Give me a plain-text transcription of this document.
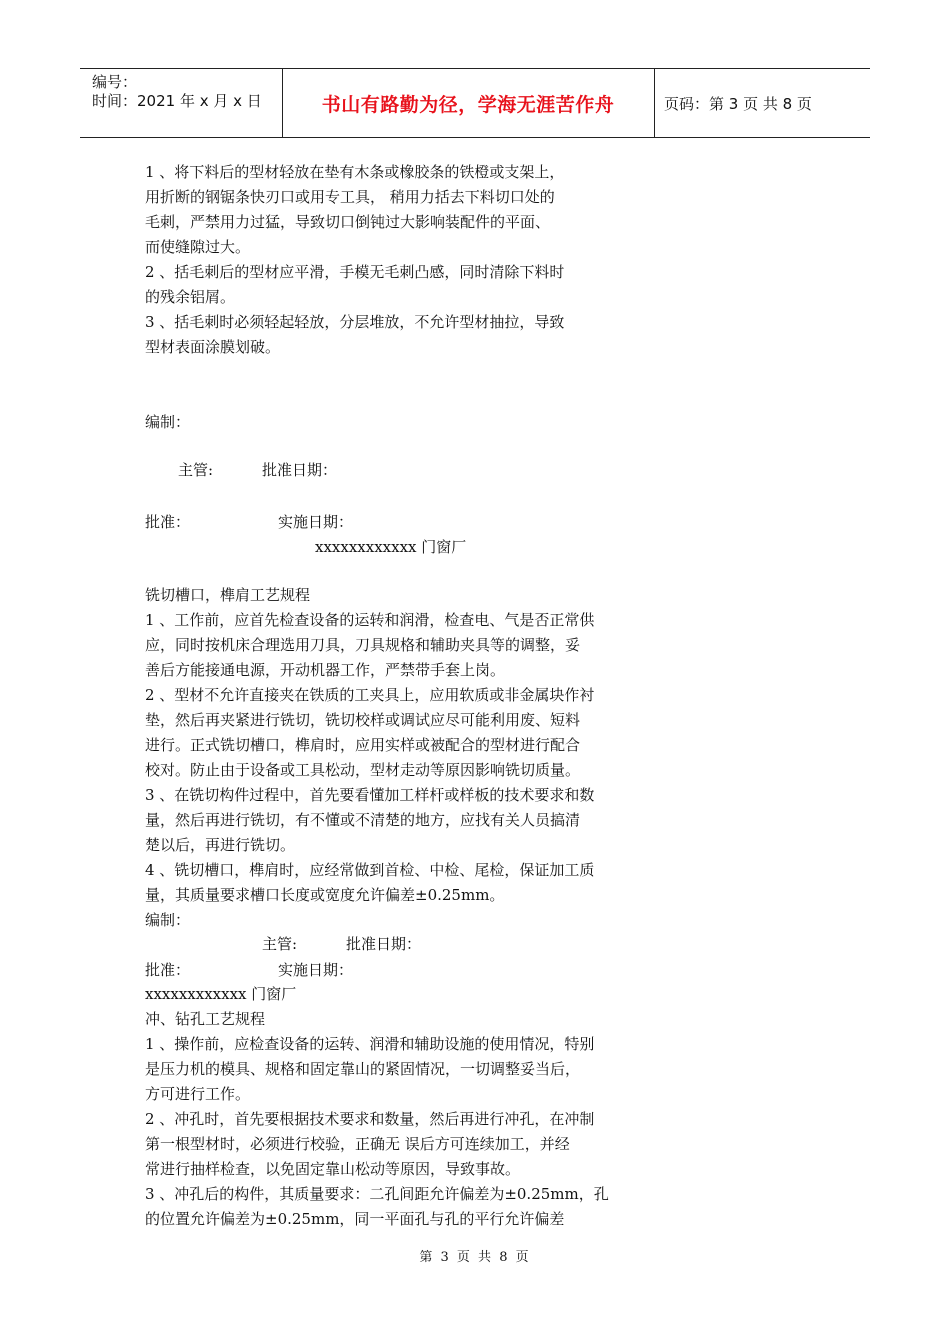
编号：
时间：2021 年 x 月 x 日	书山有路勤为径，学海无涯苦作舟	页码：第 3 页 共 8 页
1 、将下料后的型材轻放在垫有木条或橡胶条的铁橙或支架上，
用折断的钢锯条快刃口或用专工具， 稍用力括去下料切口处的
毛刺，严禁用力过猛，导致切口倒钝过大影响装配件的平面、
而使缝隙过大。
2 、括毛刺后的型材应平滑，手模无毛刺凸感，同时清除下料时
的残余铝屑。
3 、括毛刺时必须轻起轻放，分层堆放，不允许型材抽拉，导致
型材表面涂膜划破。
编制：
主管:	批准日期：
批准：	实施日期：
xxxxxxxxxxxx 门窗厂
铣切槽口，榫肩工艺规程
1 、工作前，应首先检查设备的运转和润滑，检查电、气是否正常供
应，同时按机床合理选用刀具，刀具规格和辅助夹具等的调整，妥
善后方能接通电源，开动机器工作，严禁带手套上岗。
2 、型材不允许直接夹在铁质的工夹具上，应用软质或非金属块作衬
垫，然后再夹紧进行铣切，铣切校样或调试应尽可能利用废、短料
进行。正式铣切槽口，榫肩时，应用实样或被配合的型材进行配合
校对。防止由于设备或工具松动，型材走动等原因影响铣切质量。
3 、在铣切构件过程中，首先要看懂加工样杆或样板的技术要求和数
量，然后再进行铣切，有不懂或不清楚的地方，应找有关人员搞清
楚以后，再进行铣切。
4 、铣切槽口，榫肩时，应经常做到首检、中检、尾检，保证加工质
量，其质量要求槽口长度或宽度允许偏差±0.25mm。
编制：
主管:	批准日期：
批准：	实施日期：
xxxxxxxxxxxx 门窗厂
冲、钻孔工艺规程
1 、操作前，应检查设备的运转、润滑和辅助设施的使用情况，特别
是压力机的模具、规格和固定靠山的紧固情况，一切调整妥当后，
方可进行工作。
2 、冲孔时，首先要根据技术要求和数量，然后再进行冲孔，在冲制
第一根型材时，必须进行校验，正确无 误后方可连续加工，并经
常进行抽样检查，以免固定靠山松动等原因，导致事故。
3 、冲孔后的构件，其质量要求：二孔间距允许偏差为±0.25mm，孔
的位置允许偏差为±0.25mm，同一平面孔与孔的平行允许偏差
第 3 页 共 8 页
